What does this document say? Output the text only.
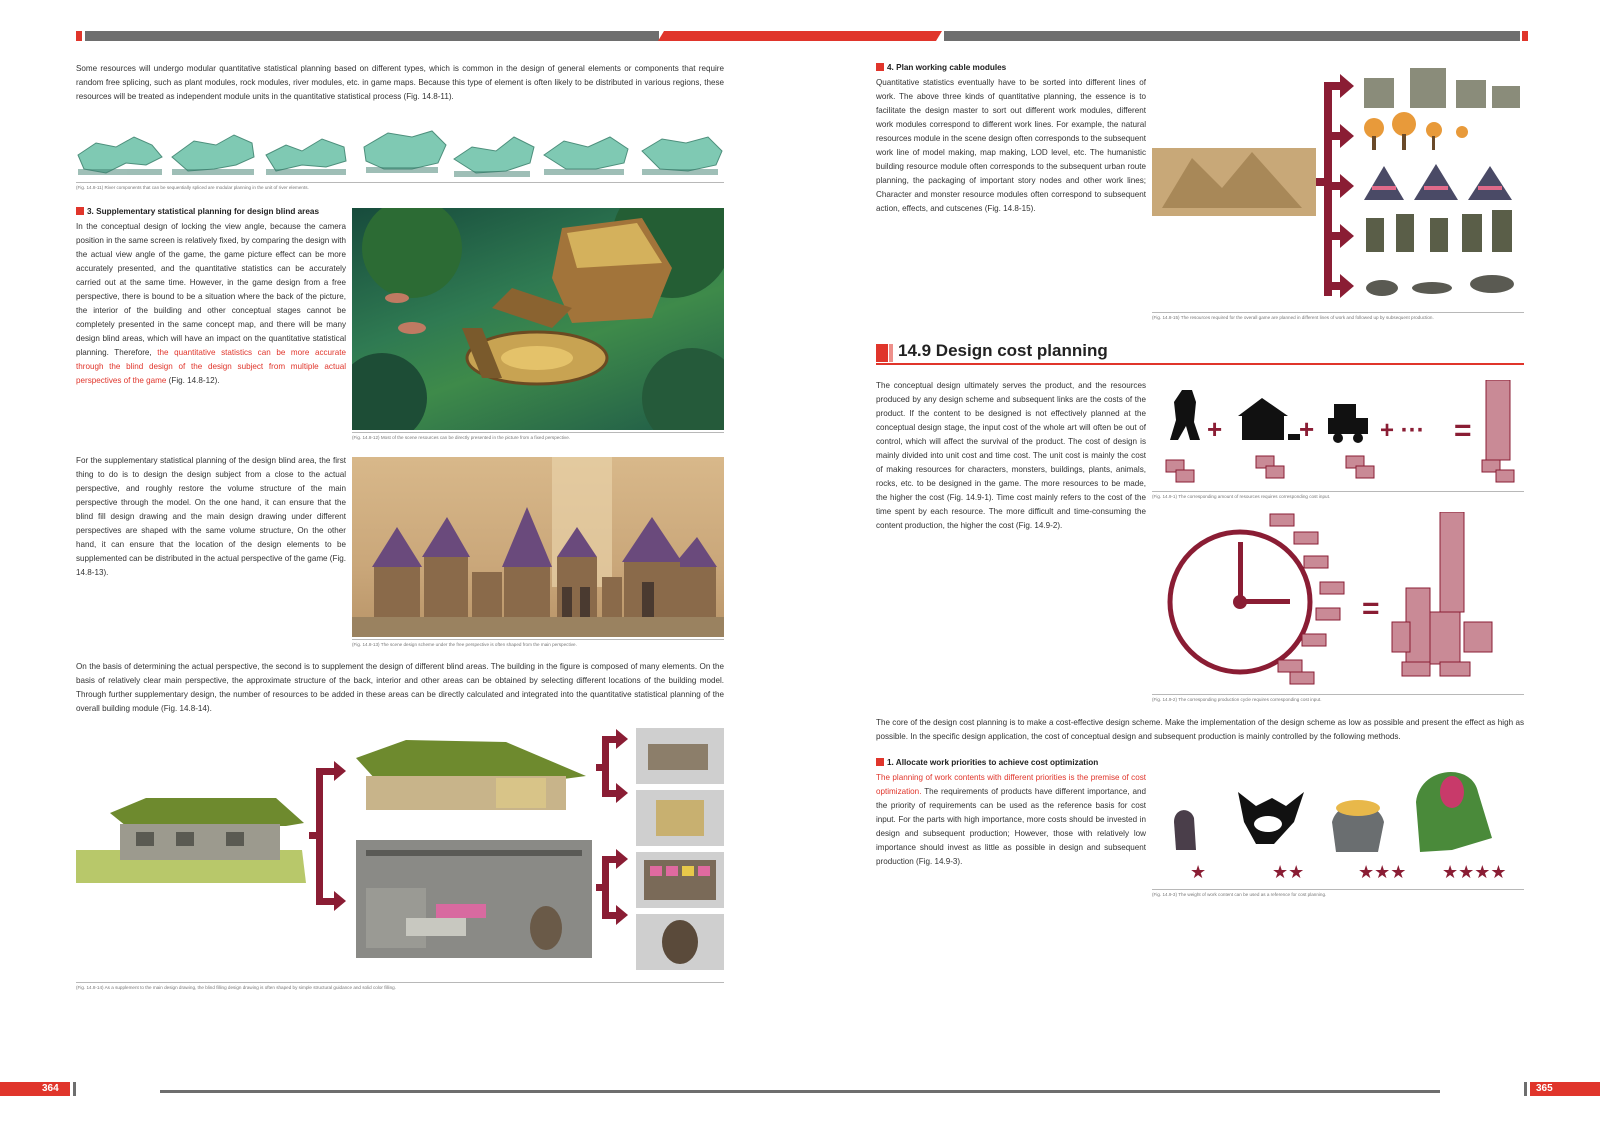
Some resources will undergo modular quantitative statistical planning based on different types, which is common in the design of general elements or components that require random free splicing, such as plant modules, rock modules, river modules, etc. in game maps. Because this type of element is often likely to be distributed in various regions, these resources will be treated as independent module units in the quantitative statistical process (Fig. 14.8-11).
(Fig. 14.8-11) River components that can be sequentially spliced are modular planning in the unit of river elements.
3. Supplementary statistical planning for design blind areas
In the conceptual design of locking the view angle, because the camera position in the same screen is relatively fixed, by comparing the design with the actual view angle of the game, the game picture effect can be more accurately presented, and the quantitative statistics can be accurately carried out at the same time. However, in the game design from a free perspective, there is bound to be a situation where the back of the picture, the interior of the building and other conceptual stages cannot be completely presented in the same concept map, and there will be many design blind areas, which will have an impact on the quantitative statistical planning. Therefore, the quantitative statistics can be more accurate through the blind design of the design subject from multiple actual perspectives of the game (Fig. 14.8-12).
(Fig. 14.8-12) Most of the scene resources can be directly presented in the picture from a fixed perspective.
For the supplementary statistical planning of the design blind area, the first thing to do is to design the design subject from a close to the actual perspective, and roughly restore the volume structure of the main perspective through the model. On the one hand, it can ensure that the blind fill design drawing and the main design drawing under different perspectives are shaped with the same volume structure, On the other hand, it can ensure that the location of the design elements to be supplemented can be distributed in the actual perspective of the game (Fig. 14.8-13).
(Fig. 14.8-13) The scene design scheme under the free perspective is often shaped from the main perspective.
On the basis of determining the actual perspective, the second is to supplement the design of different blind areas. The building in the figure is composed of many elements. On the basis of relatively clear main perspective, the approximate structure of the back, interior and other areas can be obtained by selecting different locations of the building model. Through further supplementary design, the number of resources to be added in these areas can be directly calculated and integrated into the quantitative statistical planning of the overall building module (Fig. 14.8-14).
(Fig. 14.8-14) As a supplement to the main design drawing, the blind filling design drawing is often shaped by simple structural guidance and solid color filling.
4. Plan working cable modules
Quantitative statistics eventually have to be sorted into different lines of work. The above three kinds of quantitative planning, the essence is to facilitate the design master to sort out different work modules, different work modules correspond to different work lines. For example, the natural resources module in the scene design often corresponds to the subsequent work line of model making, map making, LOD level, etc. The humanistic building resource module often corresponds to the subsequent urban route planning, the packaging of important story nodes and other work lines; Character and monster resource modules often correspond to subsequent action, effects, and cutscenes (Fig. 14.8-15).
(Fig. 14.8-15) The resources required for the overall game are planned in different lines of work and followed up by subsequent production.
14.9 Design cost planning
The conceptual design ultimately serves the product, and the resources produced by any design scheme and subsequent links are the costs of the product. If the content to be designed is not effectively planned at the conceptual design stage, the input cost of the whole art will often be out of control, which will affect the survival of the product. The cost of design is mainly divided into unit cost and time cost. The unit cost is mainly the cost of making resources for characters, monsters, buildings, plants, animals, rocks, etc. to be designed in the game. The more resources to be made, the higher the cost (Fig. 14.9-1). Time cost mainly refers to the cost of the time spent by each resource. The more difficult and time-consuming the content production, the higher the cost (Fig. 14.9-2).
+	+	+ ··· =
(Fig. 14.9-1) The corresponding amount of resources requires corresponding cost input.
=
(Fig. 14.9-2) The corresponding production cycle requires corresponding cost input.
The core of the design cost planning is to make a cost-effective design scheme. Make the implementation of the design scheme as low as possible and present the effect as high as possible. In the specific design application, the cost of conceptual design and subsequent production is mainly controlled by the following methods.
1. Allocate work priorities to achieve cost optimization
The planning of work contents with different priorities is the premise of cost optimization. The requirements of products have different importance, and the priority of requirements can be used as the reference basis for cost input. For the parts with high importance, more costs should be invested in design and subsequent production; However, those with relatively low importance should invest as little as possible in design and subsequent production (Fig. 14.9-3).
★	★★	★★★ ★★★★
(Fig. 14.9-3) The weight of work content can be used as a reference for cost planning.
364	365
